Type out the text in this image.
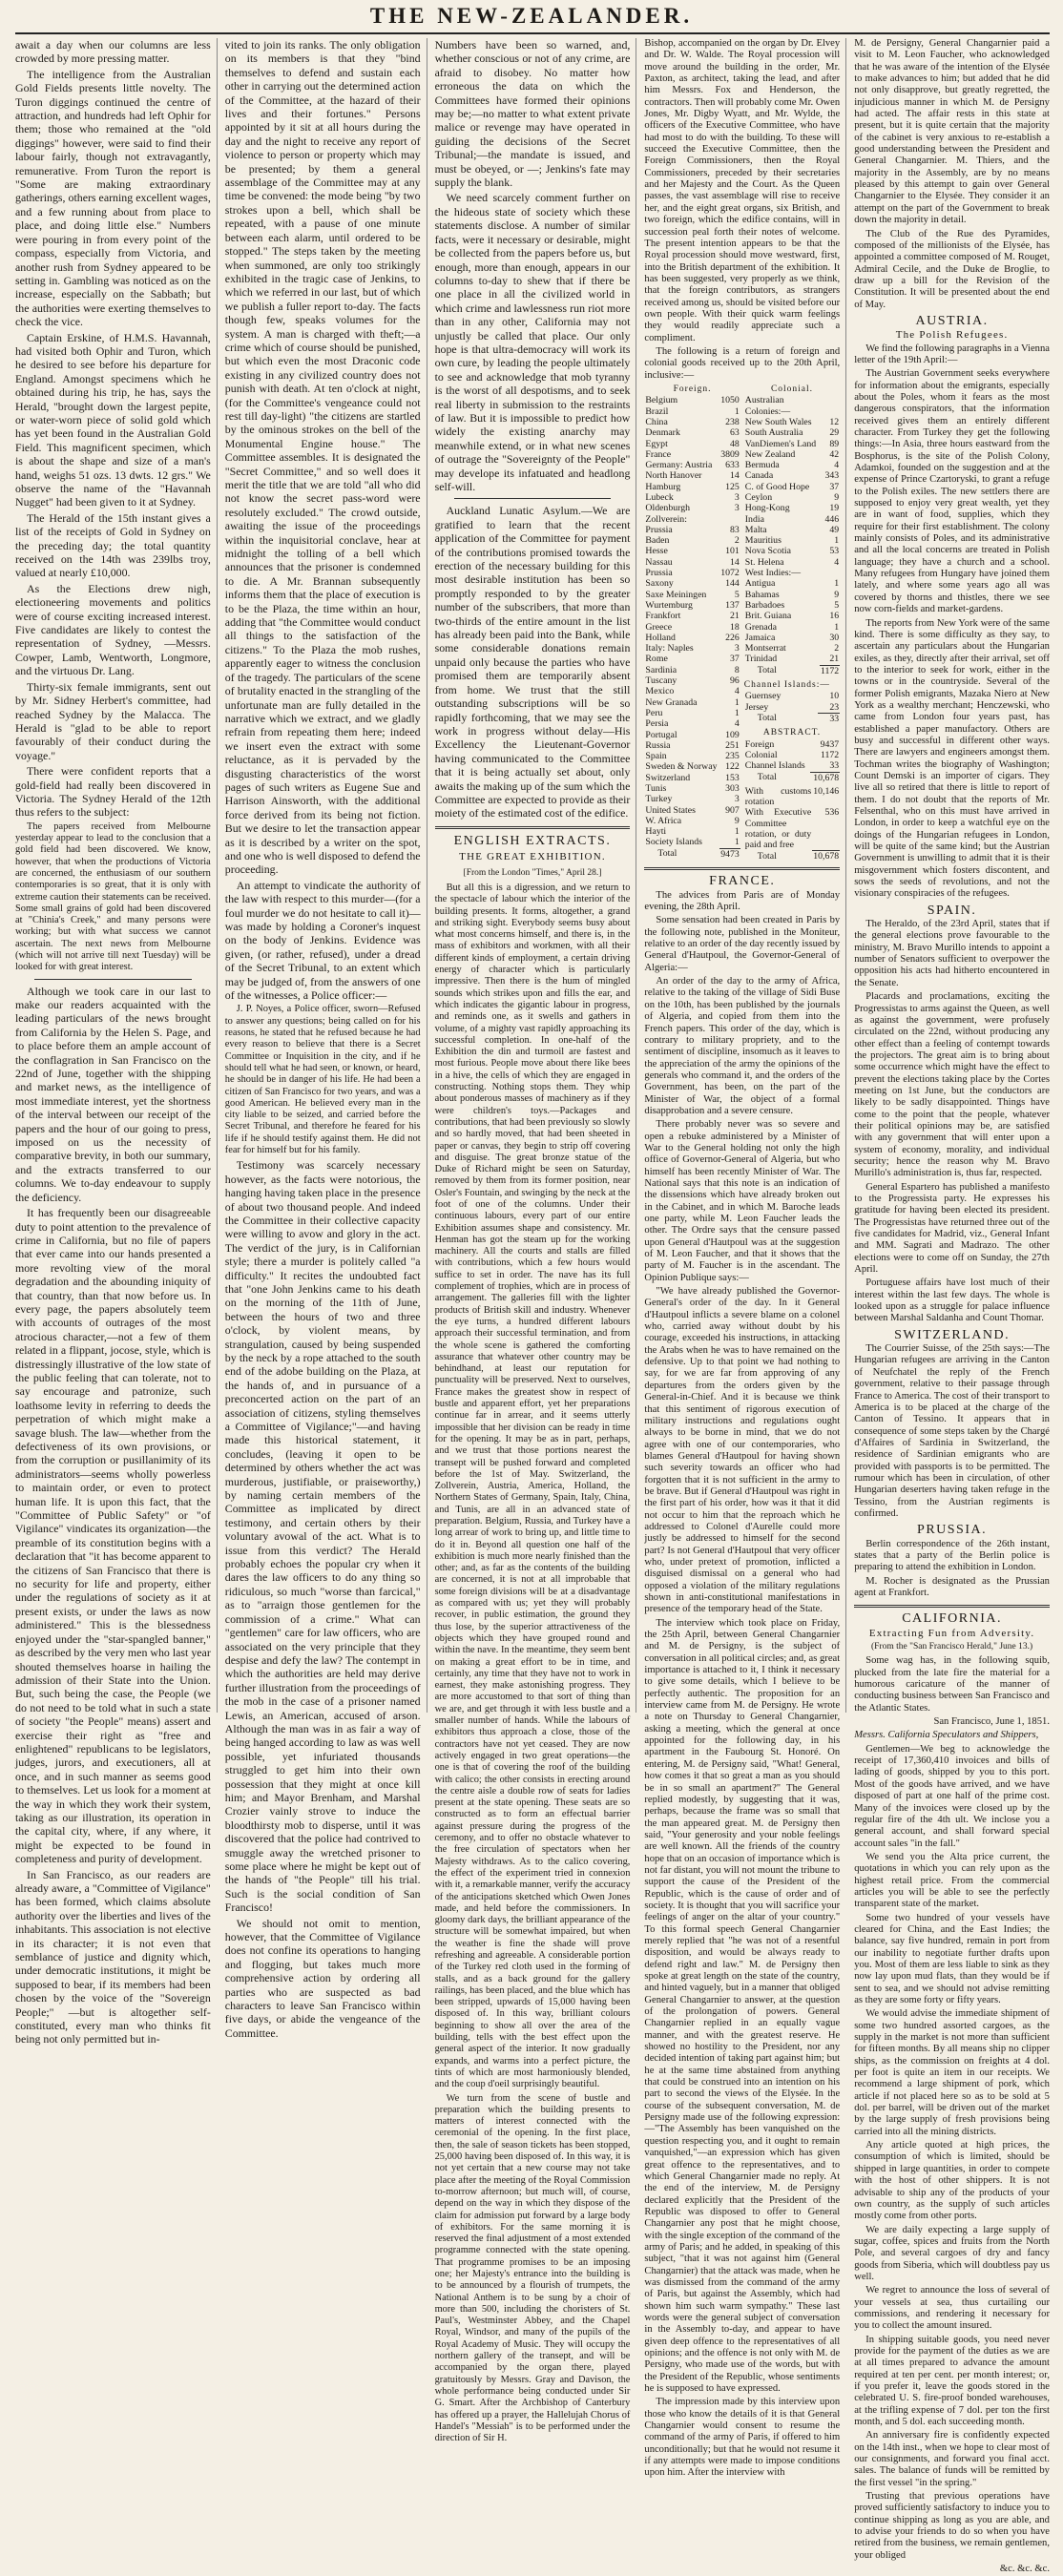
THE NEW-ZEALANDER.

await a day when our columns are less crowded by more pressing matter.

The intelligence from the Australian Gold Fields presents little novelty. The Turon diggings continued the centre of attraction, and hundreds had left Ophir for them; those who remained at the "old diggings" however, were said to find their labour fairly, though not extravagantly, remunerative. From Turon the report is "Some are making extraordinary gatherings, others earning excellent wages, and a few running about from place to place, and doing little else." Numbers were pouring in from every point of the compass, especially from Victoria, and another rush from Sydney appeared to be setting in. Gambling was noticed as on the increase, especially on the Sabbath; but the authorities were exerting themselves to check the vice.

Captain Erskine, of H.M.S. Havannah, had visited both Ophir and Turon, which he desired to see before his departure for England. Amongst specimens which he obtained during his trip, he has, says the Herald, "brought down the largest pepite, or water-worn piece of solid gold which has yet been found in the Australian Gold Field. This magnificent specimen, which is about the shape and size of a man's hand, weighs 51 ozs. 13 dwts. 12 grs." We observe the name of the "Havannah Nugget" had been given to it at Sydney.

The Herald of the 15th instant gives a list of the receipts of Gold in Sydney on the preceding day; the total quantity received on the 14th was 239lbs troy, valued at nearly £10,000.

As the Elections drew nigh, electioneering movements and politics were of course exciting increased interest. Five candidates are likely to contest the representation of Sydney, —Messrs. Cowper, Lamb, Wentworth, Longmore, and the virtuous Dr. Lang.

Thirty-six female immigrants, sent out by Mr. Sidney Herbert's committee, had reached Sydney by the Malacca. The Herald is "glad to be able to report favourably of their conduct during the voyage."

There were confident reports that a gold-field had really been discovered in Victoria. The Sydney Herald of the 12th thus refers to the subject:

The papers received from Melbourne yesterday appear to lead to the conclusion that a gold field had been discovered. We know, however, that when the productions of Victoria are concerned, the enthusiasm of our southern contemporaries is so great, that it is only with extreme caution their statements can be received. Some small grains of gold had been discovered at "Chinia's Creek," and many persons were working; but with what success we cannot ascertain. The next news from Melbourne (which will not arrive till next Tuesday) will be looked for with great interest.

Although we took care in our last to make our readers acquainted with the leading particulars of the news brought from California by the Helen S. Page, and to place before them an ample account of the conflagration in San Francisco on the 22nd of June, together with the shipping and market news, as the intelligence of most immediate interest, yet the shortness of the interval between our receipt of the papers and the hour of our going to press, imposed on us the necessity of comparative brevity, in both our summary, and the extracts transferred to our columns. We to-day endeavour to supply the deficiency.

It has frequently been our disagreeable duty to point attention to the prevalence of crime in California, but no file of papers that ever came into our hands presented a more revolting view of the moral degradation and the abounding iniquity of that country, than that now before us. In every page, the papers absolutely teem with accounts of outrages of the most atrocious character,—not a few of them related in a flippant, jocose, style, which is distressingly illustrative of the low state of the public feeling that can tolerate, not to say encourage and patronize, such loathsome levity in referring to deeds the perpetration of which might make a savage blush. The law—whether from the defectiveness of its own provisions, or from the corruption or pusillanimity of its administrators—seems wholly powerless to maintain order, or even to protect human life. It is upon this fact, that the "Committee of Public Safety" or "of Vigilance" vindicates its organization—the preamble of its constitution begins with a declaration that "it has become apparent to the citizens of San Francisco that there is no security for life and property, either under the regulations of society as it at present exists, or under the laws as now administered." This is the blessedness enjoyed under the "star-spangled banner," as described by the very men who last year shouted themselves hoarse in hailing the admission of their State into the Union. But, such being the case, the People (we do not need to be told what in such a state of society "the People" means) assert and exercise their right as "free and enlightened" republicans to be legislators, judges, jurors, and executioners, all at once, and in such manner as seems good to themselves. Let us look for a moment at the way in which they work their system, taking as our illustration, its operation in the capital city, where, if any where, it might be expected to be found in completeness and purity of development.

In San Francisco, as our readers are already aware, a "Committee of Vigilance" has been formed, which claims absolute authority over the liberties and lives of the inhabitants. This association is not elective in its character; it is not even that semblance of justice and dignity which, under democratic institutions, it might be supposed to bear, if its members had been chosen by the voice of the "Sovereign People;" —but is altogether self-constituted, every man who thinks fit being not only permitted but in-

vited to join its ranks. The only obligation on its members is that they "bind themselves to defend and sustain each other in carrying out the determined action of the Committee, at the hazard of their lives and their fortunes." Persons appointed by it sit at all hours during the day and the night to receive any report of violence to person or property which may be presented; by them a general assemblage of the Committee may at any time be convened: the mode being "by two strokes upon a bell, which shall be repeated, with a pause of one minute between each alarm, until ordered to be stopped." The steps taken by the meeting when summoned, are only too strikingly exhibited in the tragic case of Jenkins, to which we referred in our last, but of which we publish a fuller report to-day. The facts though few, speaks volumes for the system. A man is charged with theft;—a crime which of course should be punished, but which even the most Draconic code existing in any civilized country does not punish with death. At ten o'clock at night, (for the Committee's vengeance could not rest till day-light) "the citizens are startled by the ominous strokes on the bell of the Monumental Engine house." The Committee assembles. It is designated the "Secret Committee," and so well does it merit the title that we are told "all who did not know the secret pass-word were resolutely excluded." The crowd outside, awaiting the issue of the proceedings within the inquisitorial conclave, hear at midnight the tolling of a bell which announces that the prisoner is condemned to die. A Mr. Brannan subsequently informs them that the place of execution is to be the Plaza, the time within an hour, adding that "the Committee would conduct all things to the satisfaction of the citizens." To the Plaza the mob rushes, apparently eager to witness the conclusion of the tragedy. The particulars of the scene of brutality enacted in the strangling of the unfortunate man are fully detailed in the narrative which we extract, and we gladly refrain from repeating them here; indeed we insert even the extract with some reluctance, as it is pervaded by the disgusting characteristics of the worst pages of such writers as Eugene Sue and Harrison Ainsworth, with the additional force derived from its being not fiction. But we desire to let the transaction appear as it is described by a writer on the spot, and one who is well disposed to defend the proceeding.

An attempt to vindicate the authority of the law with respect to this murder—(for a foul murder we do not hesitate to call it)—was made by holding a Coroner's inquest on the body of Jenkins. Evidence was given, (or rather, refused), under a dread of the Secret Tribunal, to an extent which may be judged of, from the answers of one of the witnesses, a Police officer:—

J. P. Noyes, a Police officer, sworn—Refused to answer any questions; being called on for his reasons, he stated that he refused because he had every reason to believe that there is a Secret Committee or Inquisition in the city, and if he should tell what he had seen, or known, or heard, he should be in danger of his life. He had been a citizen of San Francisco for two years, and was a good American. He believed every man in the city liable to be seized, and carried before the Secret Tribunal, and therefore he feared for his life if he should testify against them. He did not fear for himself but for his family.

Testimony was scarcely necessary however, as the facts were notorious, the hanging having taken place in the presence of about two thousand people. And indeed the Committee in their collective capacity were willing to avow and glory in the act. The verdict of the jury, is in Californian style; there a murder is politely called "a difficulty." It recites the undoubted fact that "one John Jenkins came to his death on the morning of the 11th of June, between the hours of two and three o'clock, by violent means, by strangulation, caused by being suspended by the neck by a rope attached to the south end of the adobe building on the Plaza, at the hands of, and in pursuance of a preconcerted action on the part of an association of citizens, styling themselves a Committee of Vigilance;"—and having made this historical statement, it concludes, (leaving it open to be determined by others whether the act was murderous, justifiable, or praiseworthy,) by naming certain members of the Committee as implicated by direct testimony, and certain others by their voluntary avowal of the act. What is to issue from this verdict? The Herald probably echoes the popular cry when it dares the law officers to do any thing so ridiculous, so much "worse than farcical," as to "arraign those gentlemen for the commission of a crime." What can "gentlemen" care for law officers, who are associated on the very principle that they despise and defy the law? The contempt in which the authorities are held may derive further illustration from the proceedings of the mob in the case of a prisoner named Lewis, an American, accused of arson. Although the man was in as fair a way of being hanged according to law as was well possible, yet infuriated thousands struggled to get him into their own possession that they might at once kill him; and Mayor Brenham, and Marshal Crozier vainly strove to induce the bloodthirsty mob to disperse, until it was discovered that the police had contrived to smuggle away the wretched prisoner to some place where he might be kept out of the hands of "the People" till his trial. Such is the social condition of San Francisco!

We should not omit to mention, however, that the Committee of Vigilance does not confine its operations to hanging and flogging, but takes much more comprehensive action by ordering all parties who are suspected as bad characters to leave San Francisco within five days, or abide the vengeance of the Committee.

Numbers have been so warned, and, whether conscious or not of any crime, are afraid to disobey. No matter how erroneous the data on which the Committees have formed their opinions may be;—no matter to what extent private malice or revenge may have operated in guiding the decisions of the Secret Tribunal;—the mandate is issued, and must be obeyed, or —; Jenkins's fate may supply the blank.

We need scarcely comment further on the hideous state of society which these statements disclose. A number of similar facts, were it necessary or desirable, might be collected from the papers before us, but enough, more than enough, appears in our columns to-day to shew that if there be one place in all the civilized world in which crime and lawlessness run riot more than in any other, California may not unjustly be called that place. Our only hope is that ultra-democracy will work its own cure, by leading the people ultimately to see and acknowledge that mob tyranny is the worst of all despotisms, and to seek real liberty in submission to the restraints of law. But it is impossible to predict how widely the existing anarchy may meanwhile extend, or in what new scenes of outrage the "Sovereignty of the People" may develope its infatuated and headlong self-will.

Auckland Lunatic Asylum.—We are gratified to learn that the recent application of the Committee for payment of the contributions promised towards the erection of the necessary building for this most desirable institution has been so promptly responded to by the greater number of the subscribers, that more than two-thirds of the entire amount in the list has already been paid into the Bank, while some considerable donations remain unpaid only because the parties who have promised them are temporarily absent from home. We trust that the still outstanding subscriptions will be so rapidly forthcoming, that we may see the work in progress without delay—His Excellency the Lieutenant-Governor having communicated to the Committee that it is being actually set about, only awaits the making up of the sum which the Committee are expected to provide as their moiety of the estimated cost of the edifice.

ENGLISH EXTRACTS.
THE GREAT EXHIBITION.
[From the London "Times," April 28.]

But all this is a digression, and we return to the spectacle of labour which the interior of the building presents. It forms, altogether, a grand and striking sight. Everybody seems busy about what most concerns himself, and there is, in the mass of exhibitors and workmen, with all their different kinds of employment, a certain driving energy of character which is particularly impressive. Then there is the hum of mingled sounds which strikes upon and fills the ear, and which indicates the gigantic labour in progress, and reminds one, as it swells and gathers in volume, of a mighty vast rapidly approaching its successful completion. In one-half of the Exhibition the din and turmoil are fastest and most furious. People move about there like bees in a hive, the cells of which they are engaged in constructing. Nothing stops them. They whip about ponderous masses of machinery as if they were children's toys.—Packages and contributions, that had been previously so slowly and so hardly moved, that had been sheeted in paper or canvas, they begin to strip off covering and disguise. The great bronze statue of the Duke of Richard might be seen on Saturday, removed by them from its former position, near Osler's Fountain, and swinging by the neck at the foot of one of the columns. Under their continuous labours, every part of our entire Exhibition assumes shape and consistency. Mr. Henman has got the steam up for the working machinery. All the courts and stalls are filled with contributions, which a few hours would suffice to set in order. The nave has its full complement of trophies, which are in process of arrangement. The galleries fill with the lighter products of British skill and industry. Whenever the eye turns, a hundred different labours approach their successful termination, and from the whole scene is gathered the comforting assurance that whatever other country may be behindhand, at least our reputation for punctuality will be preserved. Next to ourselves, France makes the greatest show in respect of bustle and apparent effort, yet her preparations continue far in arrear, and it seems utterly impossible that her division can be ready in time for the opening. It may be as in part, perhaps, and we trust that those portions nearest the transept will be pushed forward and completed before the 1st of May. Switzerland, the Zollverein, Austria, America, Holland, the Northern States of Germany, Spain, Italy, China, and Tunis, are all in an advanced state of preparation. Belgium, Russia, and Turkey have a long arrear of work to bring up, and little time to do it in. Beyond all question one half of the exhibition is much more nearly finished than the other; and, as far as the contents of the building are concerned, it is not at all improbable that some foreign divisions will be at a disadvantage as compared with us; yet they will probably recover, in public estimation, the ground they thus lose, by the superior attractiveness of the objects which they have grouped round and within the nave. In the meantime, they seem bent on making a great effort to be in time, and certainly, any time that they have not to work in earnest, they make astonishing progress. They are more accustomed to that sort of thing than we are, and get through it with less bustle and a smaller number of hands. While the labours of exhibitors thus approach a close, those of the contractors have not yet ceased. They are now actively engaged in two great operations—the one is that of covering the roof of the building with calico; the other consists in erecting around the centre aisle a double row of seats for ladies present at the state opening. These seats are so constructed as to form an effectual barrier against pressure during the progress of the ceremony, and to offer no obstacle whatever to the free circulation of spectators when her Majesty withdraws. As to the calico covering, the effect of the experiment tried in connexion with it, a remarkable manner, verify the accuracy of the anticipations sketched which Owen Jones made, and held before the commissioners. In gloomy dark days, the brilliant appearance of the structure will be somewhat impaired, but when the weather is fine the shade will prove refreshing and agreeable. A considerable portion of the Turkey red cloth used in the forming of stalls, and as a back ground for the gallery railings, has been placed, and the blue which has been stripped, upwards of 15,000 having been disposed of. In this way, brilliant colours beginning to show all over the area of the building, tells with the best effect upon the general aspect of the interior. It now gradually expands, and warms into a perfect picture, the tints of which are most harmoniously blended, and the coup d'oeil surprisingly beautiful.

We turn from the scene of bustle and preparation which the building presents to matters of interest connected with the ceremonial of the opening. In the first place, then, the sale of season tickets has been stopped, 25,000 having been disposed of. In this way, it is not yet certain that a new course may not take place after the meeting of the Royal Commission to-morrow afternoon; but much will, of course, depend on the way in which they dispose of the claim for admission put forward by a large body of exhibitors. For the same morning it is reserved the final adjustment of a most extended programme connected with the state opening. That programme promises to be an imposing one; her Majesty's entrance into the building is to be announced by a flourish of trumpets, the National Anthem is to be sung by a choir of more than 500, including the choristers of St. Paul's, Westminster Abbey, and the Chapel Royal, Windsor, and many of the pupils of the Royal Academy of Music. They will occupy the northern gallery of the transept, and will be accompanied by the organ there, played gratuitously by Messrs. Gray and Davison, the whole performance being conducted under Sir G. Smart. After the Archbishop of Canterbury has offered up a prayer, the Hallelujah Chorus of Handel's "Messiah" is to be performed under the direction of Sir H.

Bishop, accompanied on the organ by Dr. Elvey and Dr. W. Walde. The Royal procession will move around the building in the order, Mr. Paxton, as architect, taking the lead, and after him Messrs. Fox and Henderson, the contractors. Then will probably come Mr. Owen Jones, Mr. Digby Wyatt, and Mr. Wylde, the officers of the Executive Committee, who have had most to do with the building. To these will succeed the Executive Committee, then the Foreign Commissioners, then the Royal Commissioners, preceded by their secretaries and her Majesty and the Court. As the Queen passes, the vast assemblage will rise to receive her, and the eight great organs, six British, and two foreign, which the edifice contains, will in succession peal forth their notes of welcome. The present intention appears to be that the Royal procession should move westward, first, into the British department of the exhibition. It has been suggested, very properly as we think, that the foreign contributors, as strangers received among us, should be visited before our own people. With their quick warm feelings they would readily appreciate such a compliment.

The following is a return of foreign and colonial goods received up to the 20th April, inclusive:—

Foreign.
Belgium	1050
Brazil	1
China	238
Denmark	63
Egypt	48
France	3809
Germany: Austria	633
North Hanover	14
Hamburg	125
Lubeck	3
Oldenburgh	3
Zollverein:	
Prussia	83
Baden	2
Hesse	101
Nassau	14
Prussia	1072
Saxony	144
Saxe Meiningen	5
Wurtemburg	137
Frankfort	21
Greece	18
Holland	226
Italy: Naples	3
Rome	37
Sardinia	8
Tuscany	96
Mexico	4
New Granada	1
Peru	1
Persia	4
Portugal	109
Russia	251
Spain	235
Sweden & Norway	122
Switzerland	153
Tunis	303
Turkey	3
United States	907
W. Africa	9
Hayti	1
Society Islands	1
Total	9473
Colonial.
Australian Colonies:—	
New South Wales	12
South Australia	29
VanDiemen's Land	89
New Zealand	42
Bermuda	4
Canada	343
C. of Good Hope	37
Ceylon	9
Hong-Kong	19
India	446
Malta	49
Mauritius	1
Nova Scotia	53
St. Helena	4
West Indies:—	
Antigua	1
Bahamas	9
Barbadoes	5
Brit. Guiana	16
Grenada	1
Jamaica	30
Montserrat	2
Trinidad	21
Total	1172
Channel Islands:—
Guernsey	10
Jersey	23
Total	33
ABSTRACT.
Foreign	9437
Colonial	1172
Channel Islands	33
Total	10,678
With customs rotation	10,146
With Executive Committee rotation, or duty paid and free	536
Total	10,678
FRANCE.

The advices from Paris are of Monday evening, the 28th April.

Some sensation had been created in Paris by the following note, published in the Moniteur, relative to an order of the day recently issued by General d'Hautpoul, the Governor-General of Algeria:—

An order of the day to the army of Africa, relative to the taking of the village of Sidi Buse on the 10th, has been published by the journals of Algeria, and copied from them into the French papers. This order of the day, which is contrary to military propriety, and to the sentiment of discipline, insomuch as it leaves to the appreciation of the army the opinions of the generals who command it, and the orders of the Government, has been, on the part of the Minister of War, the object of a formal disapprobation and a severe censure.

There probably never was so severe and open a rebuke administered by a Minister of War to the General holding not only the high office of Governor-General of Algeria, but who himself has been recently Minister of War. The National says that this note is an indication of the dissensions which have already broken out in the Cabinet, and in which M. Baroche leads one party, while M. Leon Faucher leads the other. The Ordre says that the censure passed upon General d'Hautpoul was at the suggestion of M. Leon Faucher, and that it shows that the party of M. Faucher is in the ascendant. The Opinion Publique says:—

"We have already published the Governor-General's order of the day. In it General d'Hautpoul inflicts a severe blame on a colonel who, carried away without doubt by his courage, exceeded his instructions, in attacking the Arabs when he was to have remained on the defensive. Up to that point we had nothing to say, for we are far from approving of any departures from the orders given by the General-in-Chief. And it is because we think that this sentiment of rigorous execution of military instructions and regulations ought always to be borne in mind, that we do not agree with one of our contemporaries, who blames General d'Hautpoul for having shown such severity towards an officer who had forgotten that it is not sufficient in the army to be brave. But if General d'Hautpoul was right in the first part of his order, how was it that it did not occur to him that the reproach which he addressed to Colonel d'Aurelle could more justly be addressed to himself for the second part? Is not General d'Hautpoul that very officer who, under pretext of promotion, inflicted a disguised dismissal on a general who had opposed a violation of the military regulations shown in anti-constitutional manifestations in presence of the temporary head of the State.

The interview which took place on Friday, the 25th April, between General Changarnier and M. de Persigny, is the subject of conversation in all political circles; and, as great importance is attached to it, I think it necessary to give some details, which I believe to be perfectly authentic. The proposition for an interview came from M. de Persigny. He wrote a note on Thursday to General Changarnier, asking a meeting, which the general at once appointed for the following day, in his apartment in the Faubourg St. Honoré. On entering, M. de Persigny said, "What! General, how comes it that so great a man as you should be in so small an apartment?" The General replied modestly, by suggesting that it was, perhaps, because the frame was so small that the man appeared great. M. de Persigny then said, "Your generosity and your noble feelings are well known. All the friends of the country hope that on an occasion of importance which is not far distant, you will not mount the tribune to support the cause of the President of the Republic, which is the cause of order and of society. It is thought that you will sacrifice your feelings of anger on the altar of your country." To this formal speech General Changarnier merely replied that "he was not of a resentful disposition, and would be always ready to defend right and law." M. de Persigny then spoke at great length on the state of the country, and hinted vaguely, but in a manner that obliged General Changarnier to answer, at the question of the prolongation of powers. General Changarnier replied in an equally vague manner, and with the greatest reserve. He showed no hostility to the President, nor any decided intention of taking part against him; but he at the same time abstained from anything that could be construed into an intention on his part to second the views of the Elysée. In the course of the subsequent conversation, M. de Persigny made use of the following expression:—"The Assembly has been vanquished on the question respecting you, and it ought to remain vanquished,"—an expression which has given great offence to the representatives, and to which General Changarnier made no reply. At the end of the interview, M. de Persigny declared explicitly that the President of the Republic was disposed to offer to General Changarnier any post that he might choose, with the single exception of the command of the army of Paris; and he added, in speaking of this subject, "that it was not against him (General Changarnier) that the attack was made, when he was dismissed from the command of the army of Paris, but against the Assembly, which had shown him such warm sympathy." These last words were the general subject of conversation in the Assembly to-day, and appear to have given deep offence to the representatives of all opinions; and the offence is not only with M. de Persigny, who made use of the words, but with the President of the Republic, whose sentiments he is supposed to have expressed.

The impression made by this interview upon those who know the details of it is that General Changarnier would consent to resume the command of the army of Paris, if offered to him unconditionally; but that he would not resume it if any attempts were made to impose conditions upon him. After the interview with

M. de Persigny, General Changarnier paid a visit to M. Leon Faucher, who acknowledged that he was aware of the intention of the Elysée to make advances to him; but added that he did not only disapprove, but greatly regretted, the injudicious manner in which M. de Persigny had acted. The affair rests in this state at present, but it is quite certain that the majority of the cabinet is very anxious to re-establish a good understanding between the President and General Changarnier. M. Thiers, and the majority in the Assembly, are by no means pleased by this attempt to gain over General Changarnier to the Elysée. They consider it an attempt on the part of the Government to break down the majority in detail.

The Club of the Rue des Pyramides, composed of the millionists of the Elysée, has appointed a committee composed of M. Rouget, Admiral Cecile, and the Duke de Broglie, to draw up a bill for the Revision of the Constitution. It will be presented about the end of May.

AUSTRIA.
The Polish Refugees.

We find the following paragraphs in a Vienna letter of the 19th April:—

The Austrian Government seeks everywhere for information about the emigrants, especially about the Poles, whom it fears as the most dangerous conspirators, that the information received gives them an entirely different character. From Turkey they get the following things:—In Asia, three hours eastward from the Bosphorus, is the site of the Polish Colony, Adamkoi, founded on the suggestion and at the expense of Prince Czartoryski, to grant a refuge to the Polish exiles. The new settlers there are supposed to enjoy very great wealth, yet they are in want of food, supplies, which they require for their first establishment. The colony mainly consists of Poles, and its administrative and all the local concerns are treated in Polish language; they have a church and a school. Many refugees from Hungary have joined them lately, and where some years ago all was covered by thorns and thistles, there we see now corn-fields and market-gardens.

The reports from New York were of the same kind. There is some difficulty as they say, to ascertain any particulars about the Hungarian exiles, as they, directly after their arrival, set off to the interior to seek for work, either in the towns or in the countryside. Several of the former Polish emigrants, Mazaka Niero at New York as a wealthy merchant; Henczewski, who came from London four years past, has established a paper manufactory. Others are busy and successful in different other ways. There are lawyers and engineers amongst them. Tochman writes the biography of Washington; Count Demski is an importer of cigars. They live all so retired that there is little to report of them. I do not doubt that the reports of Mr. Felsenthal, who on this must have arrived in London, in order to keep a watchful eye on the doings of the Hungarian refugees in London, will be quite of the same kind; but the Austrian Government is unwilling to admit that it is their misgovernment which fosters discontent, and sows the seeds of revolutions, and not the visionary conspiracies of the refugees.

SPAIN.

The Heraldo, of the 23rd April, states that if the general elections prove favourable to the ministry, M. Bravo Murillo intends to appoint a number of Senators sufficient to overpower the opposition his acts had hitherto encountered in the Senate.

Placards and proclamations, exciting the Progressistas to arms against the Queen, as well as against the government, were profusely circulated on the 22nd, without producing any other effect than a feeling of contempt towards the projectors. The great aim is to bring about some occurrence which might have the effect to prevent the elections taking place by the Cortes meeting on 1st June, but the conductors are likely to be sadly disappointed. Things have come to the point that the people, whatever their political opinions may be, are satisfied with any government that will enter upon a system of economy, morality, and individual security; hence the reason why M. Bravo Murillo's administration is, thus far, respected.

General Espartero has published a manifesto to the Progressista party. He expresses his gratitude for having been elected its president. The Progressistas have returned three out of the five candidates for Madrid, viz., General Infant and MM. Sagrati and Madrazo. The other elections were to come off on Sunday, the 27th April.

Portuguese affairs have lost much of their interest within the last few days. The whole is looked upon as a struggle for palace influence between Marshal Saldanha and Count Thomar.

SWITZERLAND.

The Courrier Suisse, of the 25th says:—The Hungarian refugees are arriving in the Canton of Neufchatel the reply of the French government, relative to their passage through France to America. The cost of their transport to America is to be placed at the charge of the Canton of Tessino. It appears that in consequence of some steps taken by the Chargé d'Affaires of Sardinia in Switzerland, the residence of Sardinian emigrants who are provided with passports is to be permitted. The rumour which has been in circulation, of other Hungarian deserters having taken refuge in the Tessino, from the Austrian regiments is confirmed.

PRUSSIA.

Berlin correspondence of the 26th instant, states that a party of the Berlin police is preparing to attend the exhibition in London.

M. Rocher is designated as the Prussian agent at Frankfort.

CALIFORNIA.
Extracting Fun from Adversity.
(From the "San Francisco Herald," June 13.)

Some wag has, in the following squib, plucked from the late fire the material for a humorous caricature of the manner of conducting business between San Francisco and the Atlantic States.

San Francisco, June 1, 1851.

Messrs. California Speculators and Shippers,

Gentlemen—We beg to acknowledge the receipt of 17,360,410 invoices and bills of lading of goods, shipped by you to this port. Most of the goods have arrived, and we have disposed of part at one half of the prime cost. Many of the invoices were closed up by the regular fire of the 4th ult. We inclose you a general account, and shall forward special account sales "in the fall."

We send you the Alta price current, the quotations in which you can rely upon as the highest retail price. From the commercial articles you will be able to see the perfectly transparent state of the market.

Some two hundred of your vessels have cleared for China, and the East Indies; the balance, say five hundred, remain in port from our inability to negotiate further drafts upon you. Most of them are less liable to sink as they now lay upon mud flats, than they would be if sent to sea, and we should not advise remitting as they are some forty or fifty years.

We would advise the immediate shipment of some two hundred assorted cargoes, as the supply in the market is not more than sufficient for fifteen months. By all means ship no clipper ships, as the commission on freights at 4 dol. per foot is quite an item in our receipts. We recommend a large shipment of pork, which article if not placed here so as to be sold at 5 dol. per barrel, will be driven out of the market by the large supply of fresh provisions being carried into all the mining districts.

Any article quoted at high prices, the consumption of which is limited, should be shipped in large quantities, in order to compete with the host of other shippers. It is not advisable to ship any of the products of your own country, as the supply of such articles mostly come from other ports.

We are daily expecting a large supply of sugar, coffee, spices and fruits from the North Pole, and several cargoes of dry and fancy goods from Siberia, which will doubtless pay us well.

We regret to announce the loss of several of your vessels at sea, thus curtailing our commissions, and rendering it necessary for you to collect the amount insured.

In shipping suitable goods, you need never provide for the payment of the duties as we are at all times prepared to advance the amount required at ten per cent. per month interest; or, if you prefer it, leave the goods stored in the celebrated U. S. fire-proof bonded warehouses, at the trifling expense of 7 dol. per ton the first month, and 5 dol. each succeeding month.

An anniversary fire is confidently expected on the 14th inst., when we hope to clear most of our consignments, and forward you final acct. sales. The balance of funds will be remitted by the first vessel "in the spring."

Trusting that previous operations have proved sufficiently satisfactory to induce you to continue shipping as long as you are able, and to advise your friends to do so when you have retired from the business, we remain gentlemen, your obliged

&c. &c. &c.
